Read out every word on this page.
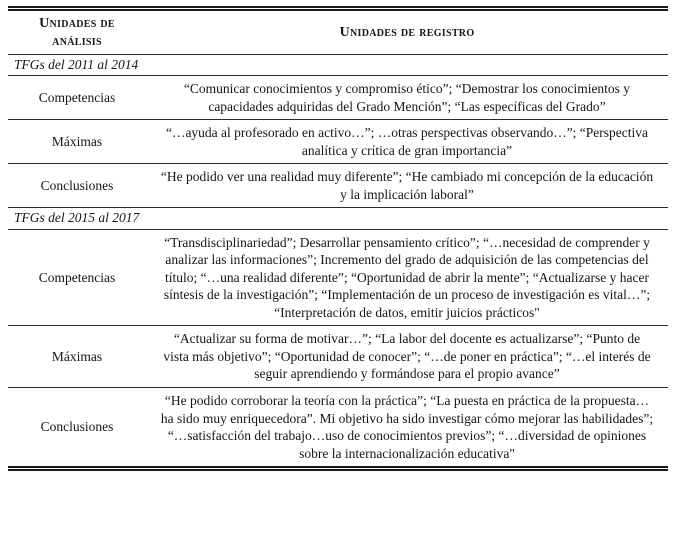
Unidades de análisis	Unidades de registro
TFGs del 2011 al 2014	
Competencias	“Comunicar conocimientos y compromiso ético”; “Demostrar los conocimientos y capacidades adquiridas del Grado Mención”; “Las específicas del Grado”
Máximas	“…ayuda al profesorado en activo…”; …otras perspectivas observando…”; “Perspectiva analítica y crítica de gran importancia”
Conclusiones	“He podido ver una realidad muy diferente”; “He cambiado mi concepción de la educación y la implicación laboral”
TFGs del 2015 al 2017	
Competencias	“Transdisciplinariedad”; Desarrollar pensamiento crítico”; “…necesidad de comprender y analizar las informaciones”; Incremento del grado de adquisición de las competencias del título; “…una realidad diferente”; “Oportunidad de abrir la mente”; “Actualizarse y hacer síntesis de la investigación”; “Implementación de un proceso de investigación es vital…”; “Interpretación de datos, emitir juicios prácticos"
Máximas	“Actualizar su forma de motivar…”; “La labor del docente es actualizarse”; “Punto de vista más objetivo”; “Oportunidad de conocer”; “…de poner en práctica”; “…el interés de seguir aprendiendo y formándose para el propio avance”
Conclusiones	“He podido corroborar la teoría con la práctica”; “La puesta en práctica de la propuesta…ha sido muy enriquecedora”. Mi objetivo ha sido investigar cómo mejorar las habilidades”; “…satisfacción del trabajo…uso de conocimientos previos”; “…diversidad de opiniones sobre la internacionalización educativa"
